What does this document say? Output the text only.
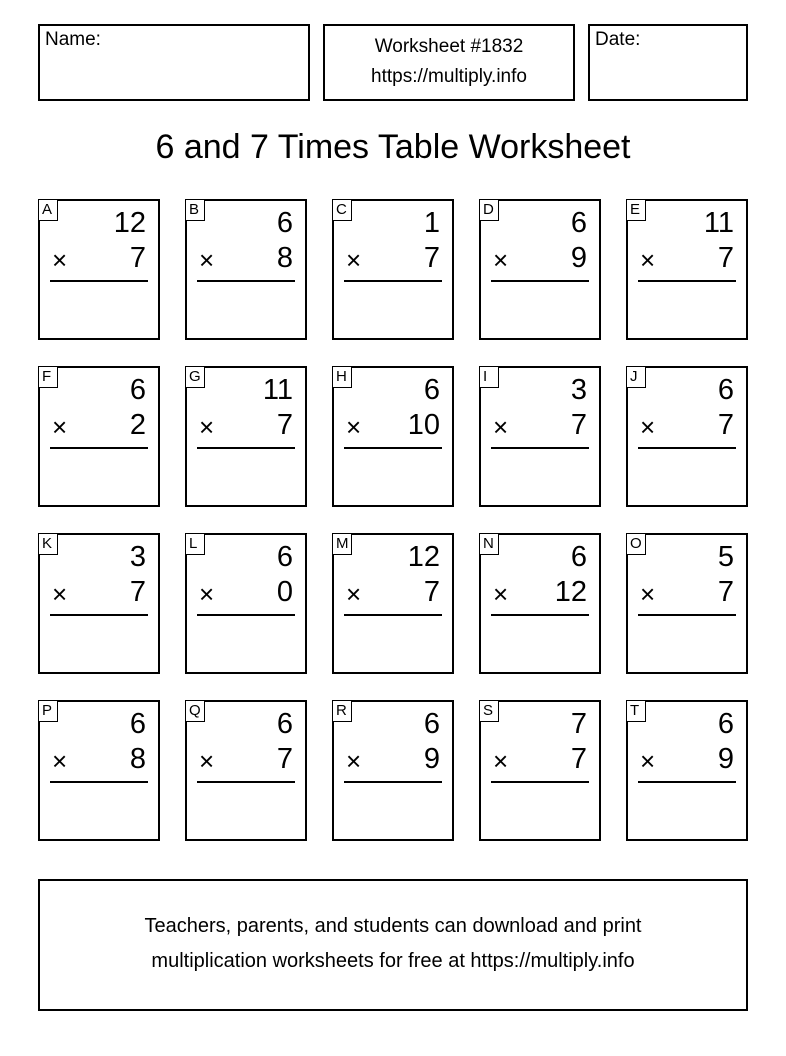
Name:	Worksheet #1832
https://multiply.info
Date:
6 and 7 Times Table Worksheet
A 12
× 7
B	6
× 8
C	1
× 7
D	6
× 9
E 11
× 7
F	6
× 2
G 11
× 7
H	6
× 10
I	3
× 7
J	6
× 7
K	3
× 7
L	6
× 0
M 12
× 7
N	6
× 12
O	5
× 7
P	6
× 8
Q	6
× 7
R	6
× 9
S	7
× 7
T	6
× 9
Teachers, parents, and students can download and print
multiplication worksheets for free at https://multiply.info
